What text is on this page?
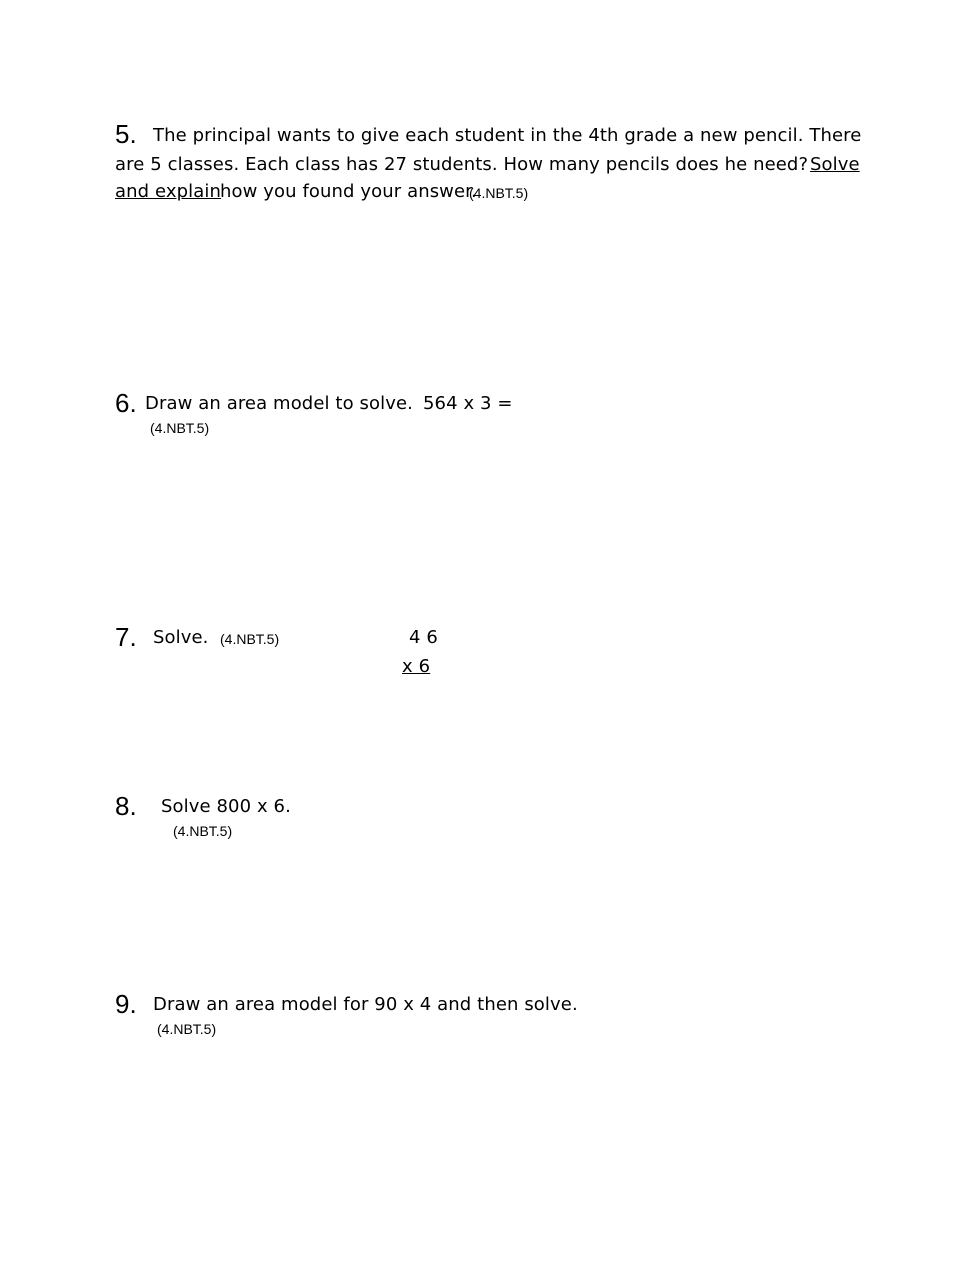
5. The principal wants to give each student in the 4th grade a new pencil. There
are 5 classes. Each class has 27 students. How many pencils does he need? Solve
and explain how you found your answer.
(4.NBT.5)
6. Draw an area model to solve. 564 x 3 =
(4.NBT.5)
7. Solve. (4.NBT.5)	4 6
x 6
8. Solve 800 x 6.
(4.NBT.5)
9. Draw an area model for 90 x 4 and then solve.
(4.NBT.5)
